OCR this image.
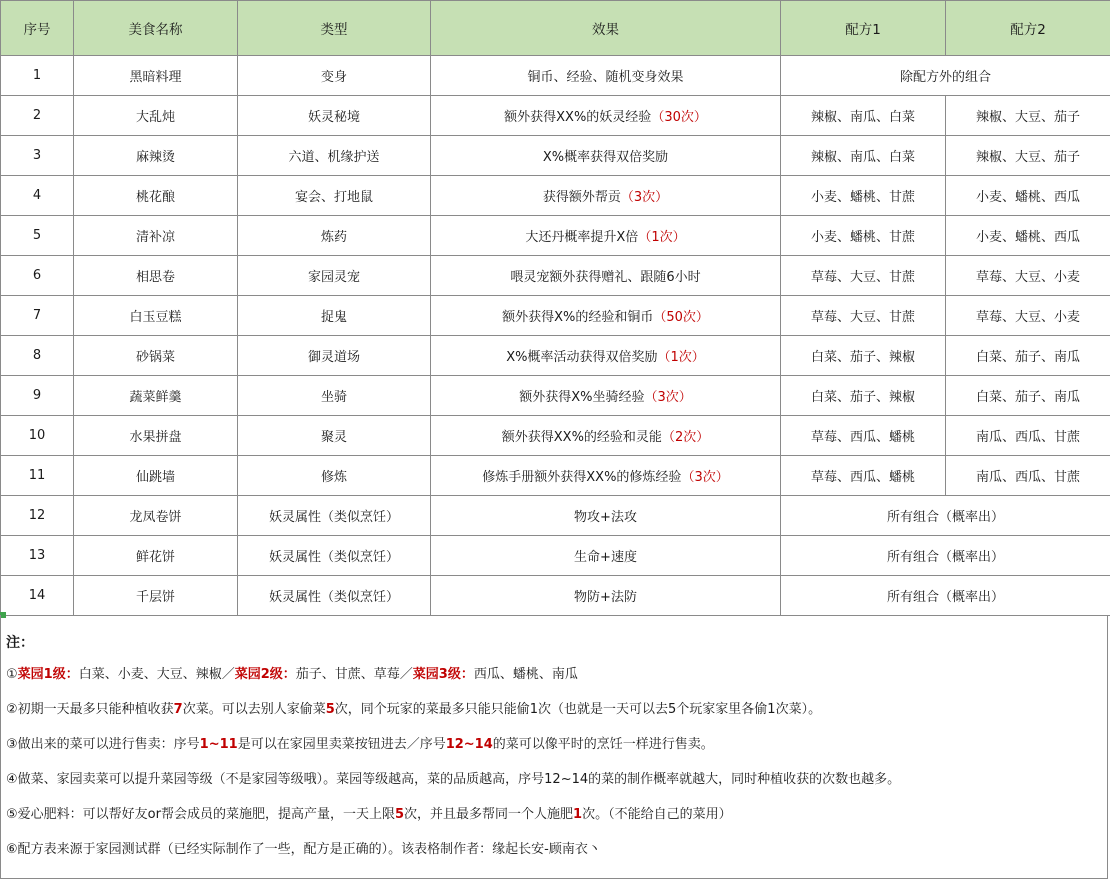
序号	美食名称	类型	效果	配方1	配方2
1	黑暗料理	变身	铜币、经验、随机变身效果	除配方外的组合	
2	大乱炖	妖灵秘境	额外获得XX%的妖灵经验（30次）	辣椒、南瓜、白菜	辣椒、大豆、茄子
3	麻辣烫	六道、机缘护送	X%概率获得双倍奖励	辣椒、南瓜、白菜	辣椒、大豆、茄子
4	桃花酿	宴会、打地鼠	获得额外帮贡（3次）	小麦、蟠桃、甘蔗	小麦、蟠桃、西瓜
5	清补凉	炼药	大还丹概率提升X倍（1次）	小麦、蟠桃、甘蔗	小麦、蟠桃、西瓜
6	相思卷	家园灵宠	喂灵宠额外获得赠礼、跟随6小时	草莓、大豆、甘蔗	草莓、大豆、小麦
7	白玉豆糕	捉鬼	额外获得X%的经验和铜币（50次）	草莓、大豆、甘蔗	草莓、大豆、小麦
8	砂锅菜	御灵道场	X%概率活动获得双倍奖励（1次）	白菜、茄子、辣椒	白菜、茄子、南瓜
9	蔬菜鲜羹	坐骑	额外获得X%坐骑经验（3次）	白菜、茄子、辣椒	白菜、茄子、南瓜
10	水果拼盘	聚灵	额外获得XX%的经验和灵能（2次）	草莓、西瓜、蟠桃	南瓜、西瓜、甘蔗
11	仙跳墙	修炼	修炼手册额外获得XX%的修炼经验（3次）	草莓、西瓜、蟠桃	南瓜、西瓜、甘蔗
12	龙凤卷饼	妖灵属性（类似烹饪）	物攻+法攻	所有组合（概率出）	
13	鲜花饼	妖灵属性（类似烹饪）	生命+速度	所有组合（概率出）	
14	千层饼	妖灵属性（类似烹饪）	物防+法防	所有组合（概率出）	
注：
①菜园1级：白菜、小麦、大豆、辣椒／菜园2级：茄子、甘蔗、草莓／菜园3级：西瓜、蟠桃、南瓜
②初期一天最多只能种植收获7次菜。可以去别人家偷菜5次，同个玩家的菜最多只能只能偷1次（也就是一天可以去5个玩家家里各偷1次菜）。
③做出来的菜可以进行售卖：序号1~11是可以在家园里卖菜按钮进去／序号12~14的菜可以像平时的烹饪一样进行售卖。
④做菜、家园卖菜可以提升菜园等级（不是家园等级哦）。菜园等级越高，菜的品质越高，序号12~14的菜的制作概率就越大，同时种植收获的次数也越多。
⑤爱心肥料：可以帮好友or帮会成员的菜施肥，提高产量，一天上限5次，并且最多帮同一个人施肥1次。（不能给自己的菜用）
⑥配方表来源于家园测试群（已经实际制作了一些，配方是正确的）。该表格制作者：缘起长安-顾南衣丶
